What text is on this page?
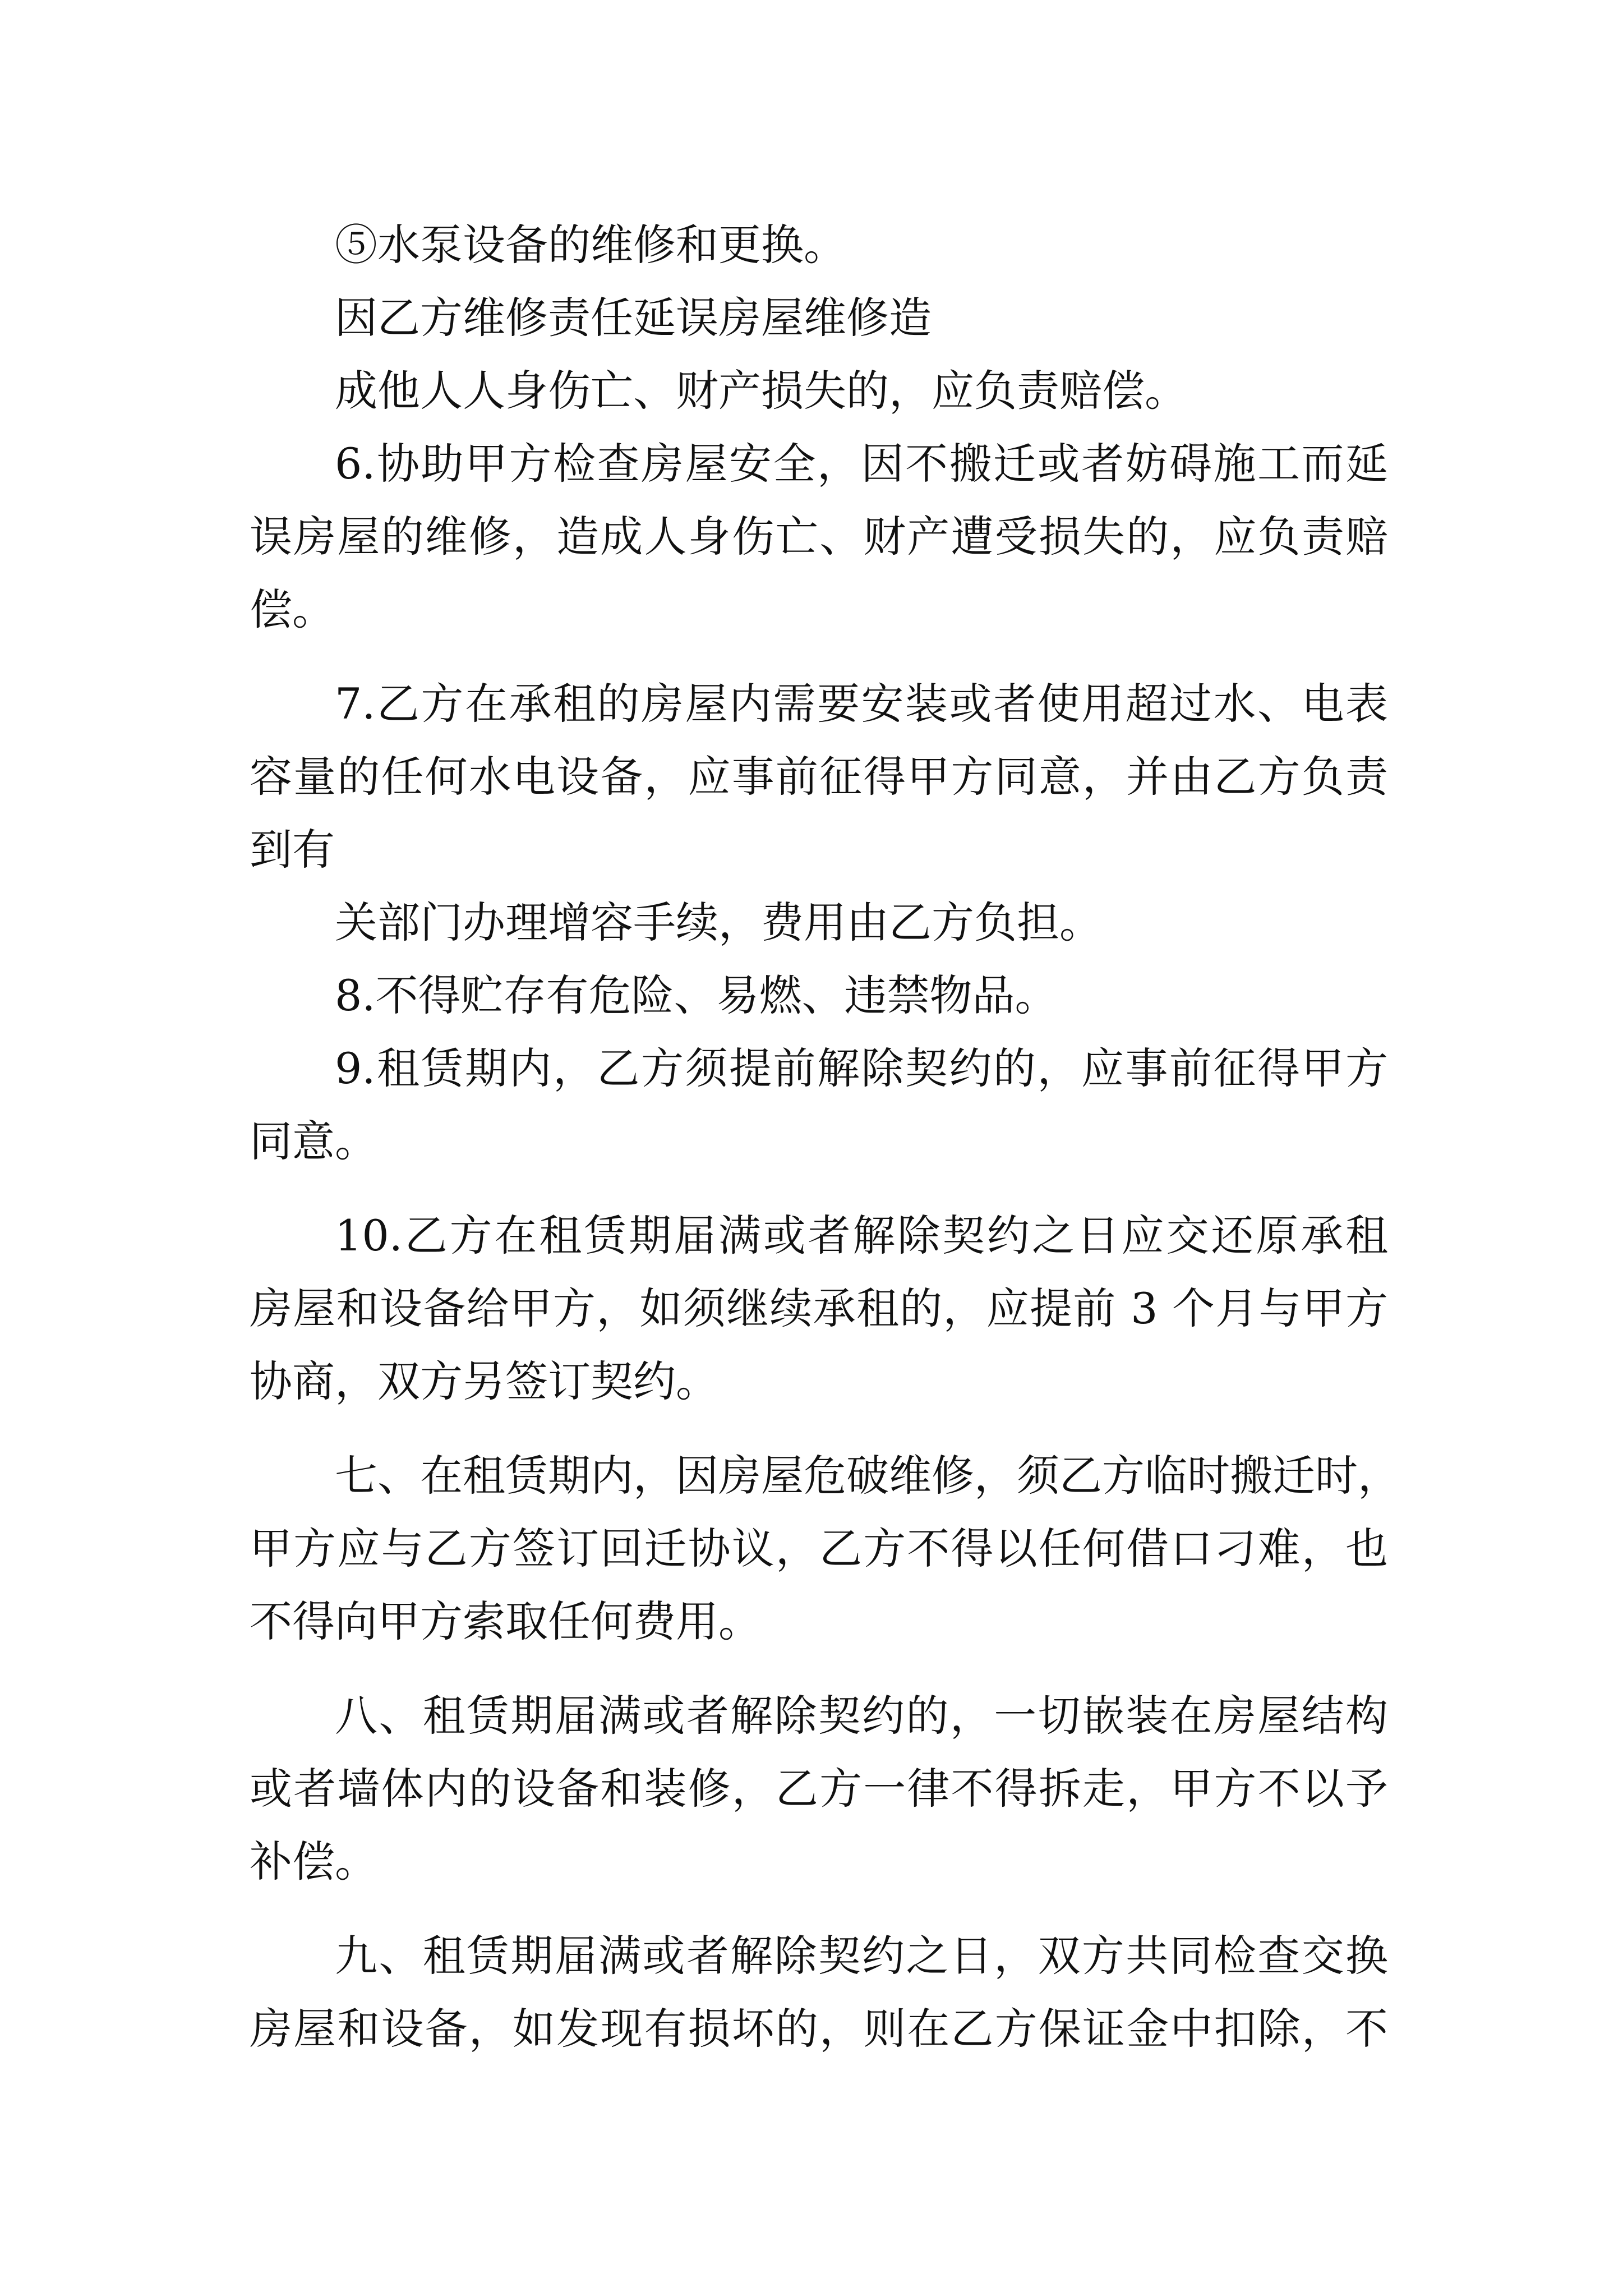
⑤水泵设备的维修和更换。
因乙方维修责任延误房屋维修造
成他人人身伤亡、财产损失的，应负责赔偿。
6.协助甲方检查房屋安全，因不搬迁或者妨碍施工而延
误房屋的维修，造成人身伤亡、财产遭受损失的，应负责赔
偿。
7.乙方在承租的房屋内需要安装或者使用超过水、电表
容量的任何水电设备，应事前征得甲方同意，并由乙方负责
到有
关部门办理增容手续，费用由乙方负担。
8.不得贮存有危险、易燃、违禁物品。
9.租赁期内，乙方须提前解除契约的，应事前征得甲方
同意。
10.乙方在租赁期届满或者解除契约之日应交还原承租
房屋和设备给甲方，如须继续承租的，应提前 3 个月与甲方
协商，双方另签订契约。
七、在租赁期内，因房屋危破维修，须乙方临时搬迁时，
甲方应与乙方签订回迁协议，乙方不得以任何借口刁难，也
不得向甲方索取任何费用。
八、租赁期届满或者解除契约的，一切嵌装在房屋结构
或者墙体内的设备和装修，乙方一律不得拆走，甲方不以予
补偿。
九、租赁期届满或者解除契约之日，双方共同检查交换
房屋和设备，如发现有损坏的，则在乙方保证金中扣除，不
